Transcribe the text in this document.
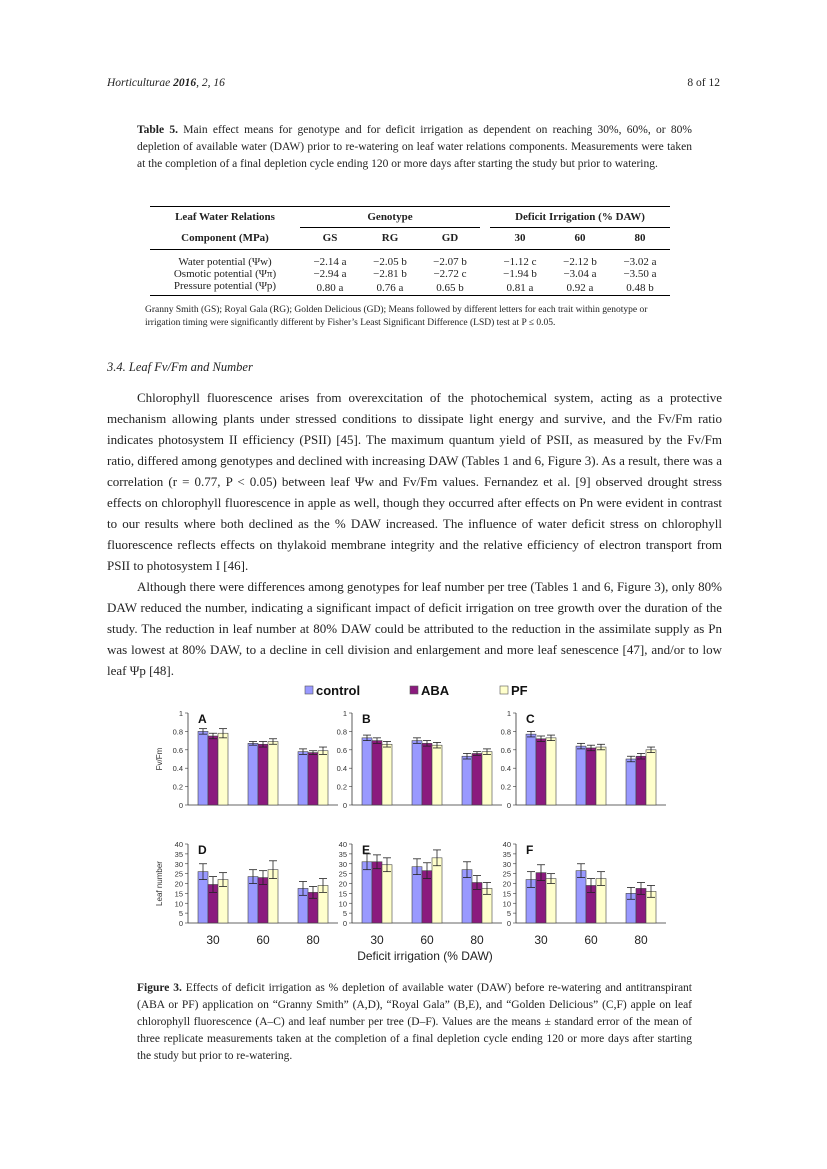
Horticulturae 2016, 2, 16	8 of 12
Table 5. Main effect means for genotype and for deficit irrigation as dependent on reaching 30%, 60%, or 80% depletion of available water (DAW) prior to re-watering on leaf water relations components. Measurements were taken at the completion of a final depletion cycle ending 120 or more days after starting the study but prior to watering.
Leaf Water Relations	Genotype				Deficit Irrigation (% DAW)		
Component (MPa)	GS	RG	GD		30	60	80
Water potential (Ψw)	−2.14 a	−2.05 b	−2.07 b		−1.12 c	−2.12 b	−3.02 a
Osmotic potential (Ψπ)	−2.94 a	−2.81 b	−2.72 c		−1.94 b	−3.04 a	−3.50 a
Pressure potential (Ψp)	0.80 a	0.76 a	0.65 b		0.81 a	0.92 a	0.48 b
Granny Smith (GS); Royal Gala (RG); Golden Delicious (GD); Means followed by different letters for each trait within genotype or irrigation timing were significantly different by Fisher’s Least Significant Difference (LSD) test at P ≤ 0.05.
3.4. Leaf Fv/Fm and Number

Chlorophyll fluorescence arises from overexcitation of the photochemical system, acting as a protective mechanism allowing plants under stressed conditions to dissipate light energy and survive, and the Fv/Fm ratio indicates photosystem II efficiency (PSII) [45]. The maximum quantum yield of PSII, as measured by the Fv/Fm ratio, differed among genotypes and declined with increasing DAW (Tables 1 and 6, Figure 3). As a result, there was a correlation (r = 0.77, P < 0.05) between leaf Ψw and Fv/Fm values. Fernandez et al. [9] observed drought stress effects on chlorophyll fluorescence in apple as well, though they occurred after effects on Pn were evident in contrast to our results where both declined as the % DAW increased. The influence of water deficit stress on chlorophyll fluorescence reflects effects on thylakoid membrane integrity and the relative efficiency of electron transport from PSII to photosystem I [46].

Although there were differences among genotypes for leaf number per tree (Tables 1 and 6, Figure 3), only 80% DAW reduced the number, indicating a significant impact of deficit irrigation on tree growth over the duration of the study. The reduction in leaf number at 80% DAW could be attributed to the reduction in the assimilate supply as Pn was lowest at 80% DAW, to a decline in cell division and enlargement and more leaf senescence [47], and/or to low leaf Ψp [48].

control	ABA	PF
0
0.2
0.4
0.6
0.8
1 A
Fv/Fm
0
0.2
0.4
0.6
0.8
1 B
0
0.2
0.4
0.6
0.8
1 C
0
5
10
15
20
25
30
35
40 D
Leaf number
30	60	80
0
5
10
15
20
25
30
35
40 E
30	60	80
0
5
10
15
20
25
30
35
40 F
30	60	80
Deficit irrigation (% DAW)
Figure 3. Effects of deficit irrigation as % depletion of available water (DAW) before re-watering and antitranspirant (ABA or PF) application on “Granny Smith” (A,D), “Royal Gala” (B,E), and “Golden Delicious” (C,F) apple on leaf chlorophyll fluorescence (A–C) and leaf number per tree (D–F). Values are the means ± standard error of the mean of three replicate measurements taken at the completion of a final depletion cycle ending 120 or more days after starting the study but prior to re-watering.
